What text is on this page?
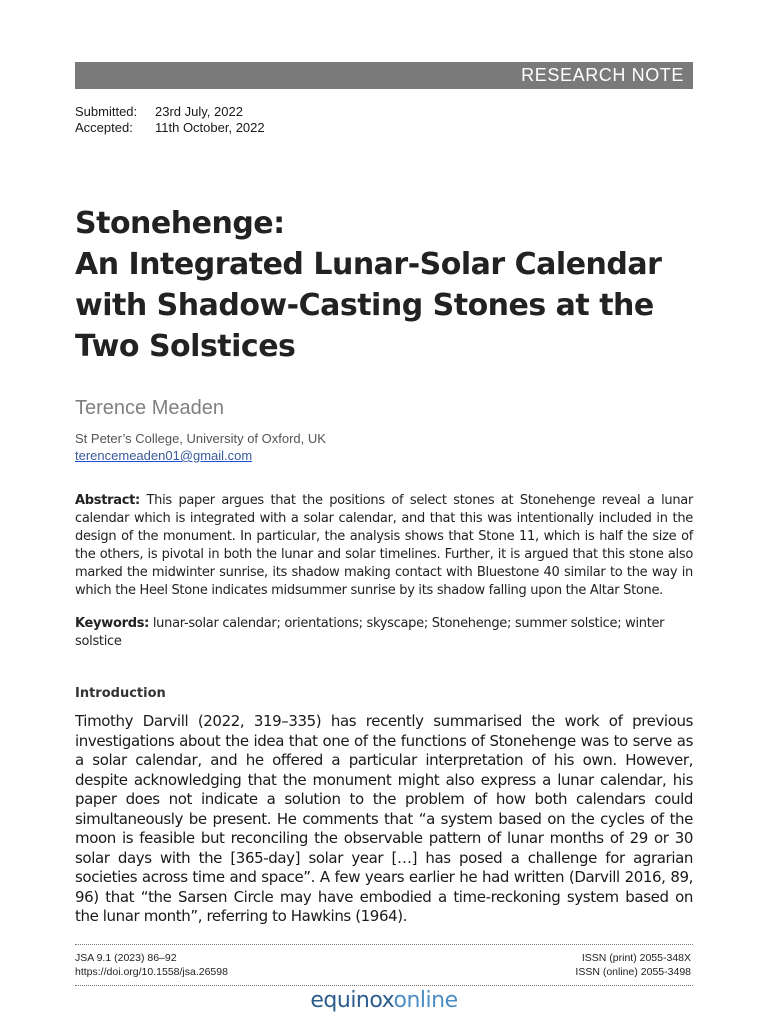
RESEARCH NOTE
Submitted:	23rd July, 2022
Accepted:	11th October, 2022
Stonehenge:
An Integrated Lunar-Solar Calendar
with Shadow-Casting Stones at the
Two Solstices
Terence Meaden
St Peter’s College, University of Oxford, UK
terencemeaden01@gmail.com

Abstract: This paper argues that the positions of select stones at Stonehenge reveal a lunar calendar which is integrated with a solar calendar, and that this was intentionally included in the design of the monument. In particular, the analysis shows that Stone 11, which is half the size of the others, is pivotal in both the lunar and solar timelines. Further, it is argued that this stone also marked the midwinter sunrise, its shadow making contact with Bluestone 40 similar to the way in which the Heel Stone indicates midsummer sunrise by its shadow falling upon the Altar Stone.

Keywords: lunar-solar calendar; orientations; skyscape; Stonehenge; summer solstice; winter solstice

Introduction

Timothy Darvill (2022, 319–335) has recently summarised the work of previous investigations about the idea that one of the functions of Stonehenge was to serve as a solar calendar, and he offered a particular interpretation of his own. However, despite acknowledging that the monument might also express a lunar calendar, his paper does not indicate a solution to the problem of how both calendars could simultaneously be present. He comments that “a system based on the cycles of the moon is feasible but reconciling the observable pattern of lunar months of 29 or 30 solar days with the [365-day] solar year […] has posed a challenge for agrarian societies across time and space”. A few years earlier he had written (Darvill 2016, 89, 96) that “the Sarsen Circle may have embodied a time-reckoning system based on the lunar month”, referring to Hawkins (1964).

JSA 9.1 (2023) 86–92
https://doi.org/10.1558/jsa.26598
ISSN (print) 2055-348X
ISSN (online) 2055-3498
equinoxonline
